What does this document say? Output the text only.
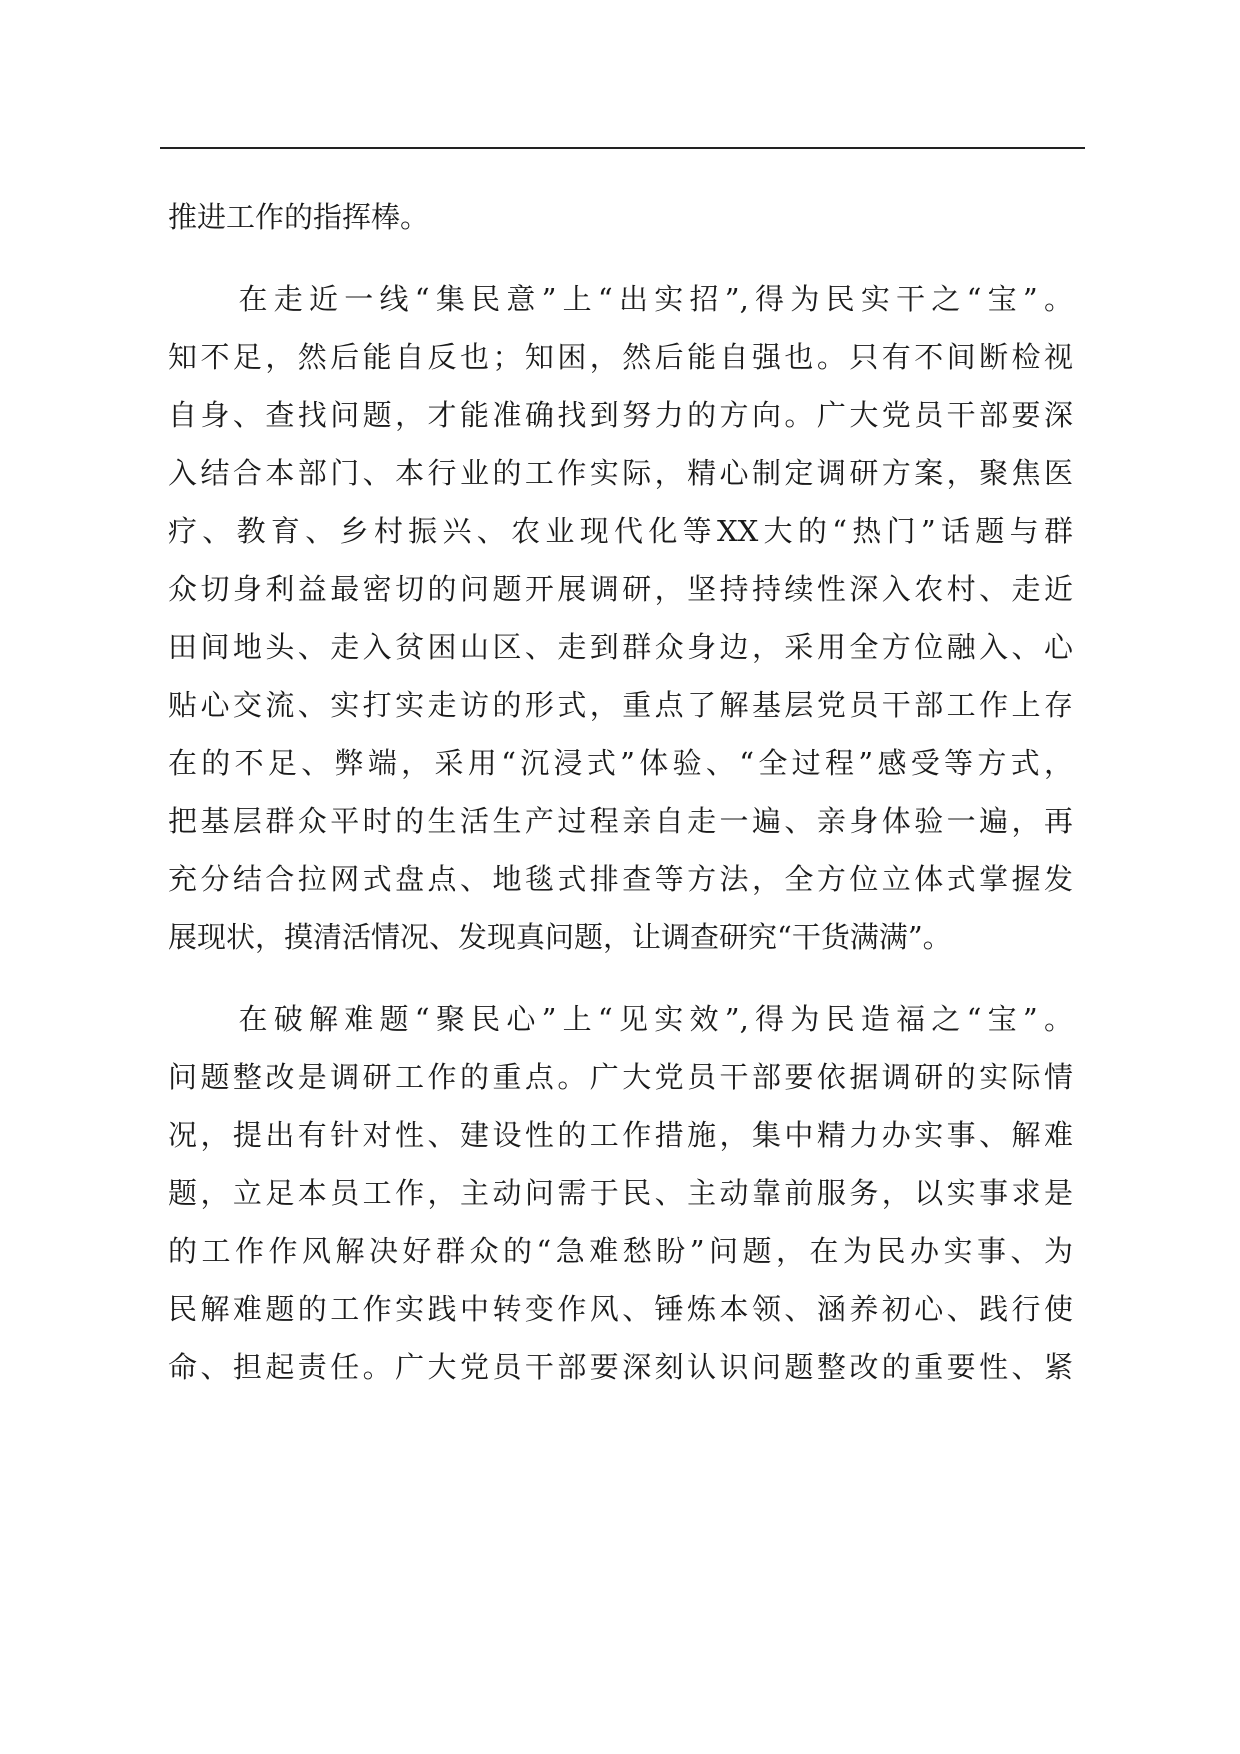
推进工作的指挥棒。
　　在走近一线“集民意”上“出实招”,得为民实干之“宝”。
知不足，然后能自反也；知困，然后能自强也。只有不间断检视
自身、查找问题，才能准确找到努力的方向。广大党员干部要深
入结合本部门、本行业的工作实际，精心制定调研方案，聚焦医
疗、教育、乡村振兴、农业现代化等XX大的“热门”话题与群
众切身利益最密切的问题开展调研，坚持持续性深入农村、走近
田间地头、走入贫困山区、走到群众身边，采用全方位融入、心
贴心交流、实打实走访的形式，重点了解基层党员干部工作上存
在的不足、弊端，采用“沉浸式”体验、“全过程”感受等方式，
把基层群众平时的生活生产过程亲自走一遍、亲身体验一遍，再
充分结合拉网式盘点、地毯式排查等方法，全方位立体式掌握发
展现状，摸清活情况、发现真问题，让调查研究“干货满满”。
　　在破解难题“聚民心”上“见实效”,得为民造福之“宝”。
问题整改是调研工作的重点。广大党员干部要依据调研的实际情
况，提出有针对性、建设性的工作措施，集中精力办实事、解难
题，立足本员工作，主动问需于民、主动靠前服务，以实事求是
的工作作风解决好群众的“急难愁盼”问题，在为民办实事、为
民解难题的工作实践中转变作风、锤炼本领、涵养初心、践行使
命、担起责任。广大党员干部要深刻认识问题整改的重要性、紧
